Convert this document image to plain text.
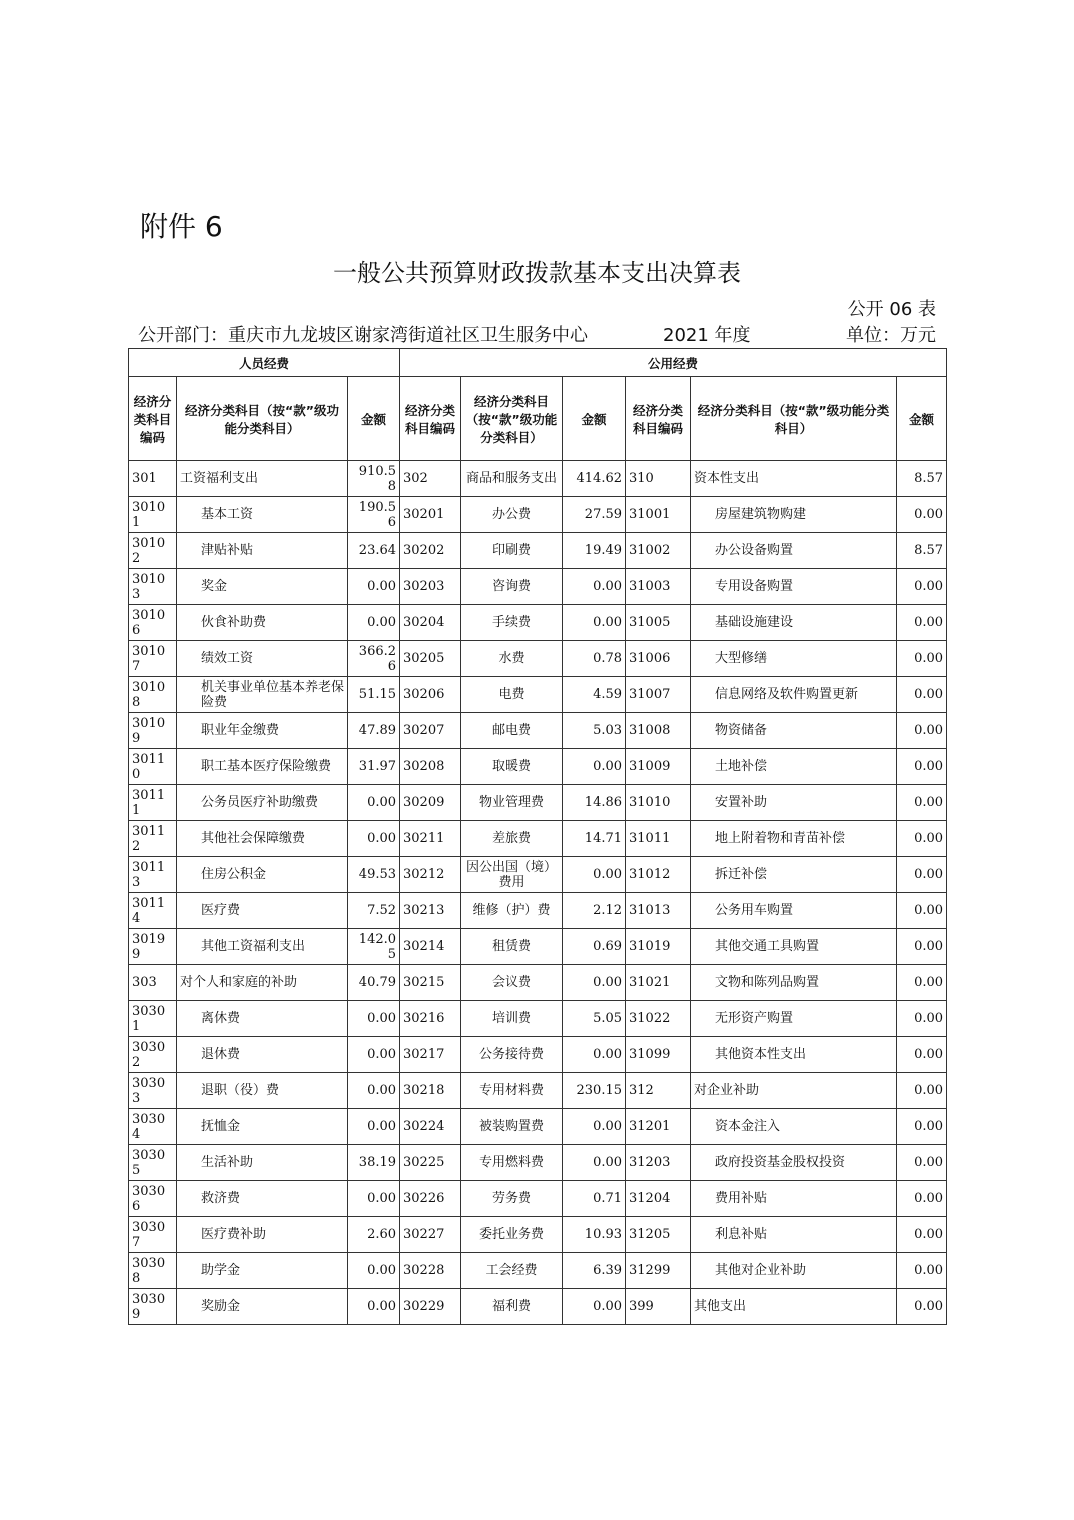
附件 6
一般公共预算财政拨款基本支出决算表
公开 06 表
公开部门：重庆市九龙坡区谢家湾街道社区卫生服务中心	2021 年度	单位：万元
人员经费			公用经费					
经济分类科目编码	经济分类科目（按“款”级功能分类科目）	金额	经济分类科目编码	经济分类科目（按“款”级功能分类科目）	金额	经济分类科目编码	经济分类科目（按“款”级功能分类科目）	金额
301	工资福利支出	910.58	302	商品和服务支出	414.62	310	资本性支出	8.57
30101	基本工资	190.56	30201	办公费	27.59	31001	房屋建筑物购建	0.00
30102	津贴补贴	23.64	30202	印刷费	19.49	31002	办公设备购置	8.57
30103	奖金	0.00	30203	咨询费	0.00	31003	专用设备购置	0.00
30106	伙食补助费	0.00	30204	手续费	0.00	31005	基础设施建设	0.00
30107	绩效工资	366.26	30205	水费	0.78	31006	大型修缮	0.00
30108	机关事业单位基本养老保险费	51.15	30206	电费	4.59	31007	信息网络及软件购置更新	0.00
30109	职业年金缴费	47.89	30207	邮电费	5.03	31008	物资储备	0.00
30110	职工基本医疗保险缴费	31.97	30208	取暖费	0.00	31009	土地补偿	0.00
30111	公务员医疗补助缴费	0.00	30209	物业管理费	14.86	31010	安置补助	0.00
30112	其他社会保障缴费	0.00	30211	差旅费	14.71	31011	地上附着物和青苗补偿	0.00
30113	住房公积金	49.53	30212	因公出国（境）费用	0.00	31012	拆迁补偿	0.00
30114	医疗费	7.52	30213	维修（护）费	2.12	31013	公务用车购置	0.00
30199	其他工资福利支出	142.05	30214	租赁费	0.69	31019	其他交通工具购置	0.00
303	对个人和家庭的补助	40.79	30215	会议费	0.00	31021	文物和陈列品购置	0.00
30301	离休费	0.00	30216	培训费	5.05	31022	无形资产购置	0.00
30302	退休费	0.00	30217	公务接待费	0.00	31099	其他资本性支出	0.00
30303	退职（役）费	0.00	30218	专用材料费	230.15	312	对企业补助	0.00
30304	抚恤金	0.00	30224	被装购置费	0.00	31201	资本金注入	0.00
30305	生活补助	38.19	30225	专用燃料费	0.00	31203	政府投资基金股权投资	0.00
30306	救济费	0.00	30226	劳务费	0.71	31204	费用补贴	0.00
30307	医疗费补助	2.60	30227	委托业务费	10.93	31205	利息补贴	0.00
30308	助学金	0.00	30228	工会经费	6.39	31299	其他对企业补助	0.00
30309	奖励金	0.00	30229	福利费	0.00	399	其他支出	0.00
